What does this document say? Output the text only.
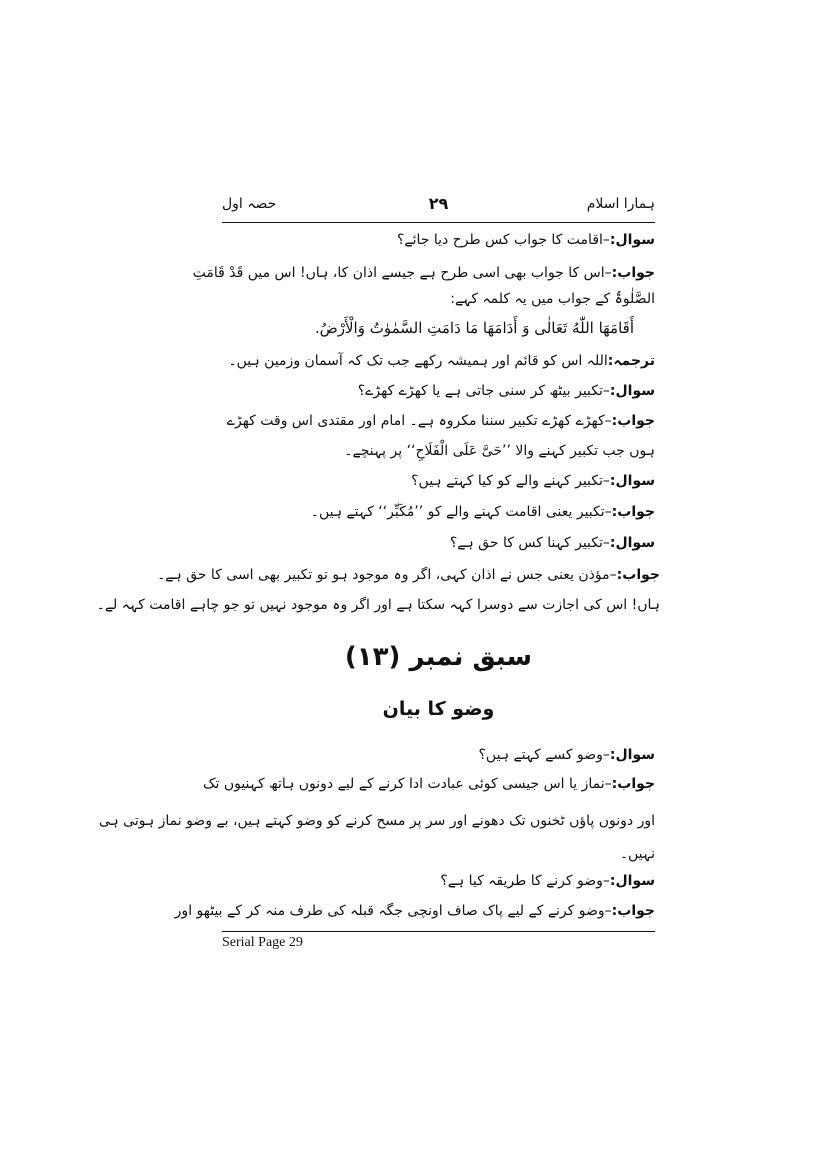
ہمارا اسلام
۲۹
حصہ اول
سوال:–اقامت کا جواب کس طرح دیا جائے؟
جواب:–اس کا جواب بھی اسی طرح ہے جیسے اذان کا، ہاں! اس میں قَدْ قَامَتِ
الصَّلٰوۃُ کے جواب میں یہ کلمہ کہے:
أَقَامَهَا اللّٰهُ تَعَالٰی وَ أَدَامَهَا مَا دَامَتِ السَّمٰوٰتُ وَالْأَرْضُ.
ترجمہ:اللہ اس کو قائم اور ہمیشہ رکھے جب تک کہ آسمان وزمین ہیں۔
سوال:–تکبیر بیٹھ کر سنی جاتی ہے یا کھڑے کھڑے؟
جواب:–کھڑے کھڑے تکبیر سننا مکروہ ہے۔ امام اور مقتدی اس وقت کھڑے
ہوں جب تکبیر کہنے والا ’’حَیَّ عَلَی الْفَلَاحِ‘‘ پر پہنچے۔
سوال:–تکبیر کہنے والے کو کیا کہتے ہیں؟
جواب:–تکبیر یعنی اقامت کہنے والے کو ’’مُکَبِّر‘‘ کہتے ہیں۔
سوال:–تکبیر کہنا کس کا حق ہے؟
جواب:–مؤذن یعنی جس نے اذان کہی، اگر وہ موجود ہو تو تکبیر بھی اسی کا حق ہے۔
ہاں! اس کی اجازت سے دوسرا کہہ سکتا ہے اور اگر وہ موجود نہیں تو جو چاہے اقامت کہہ لے۔
سبق نمبر (۱۳)
وضو کا بیان
سوال:–وضو کسے کہتے ہیں؟
جواب:–نماز یا اس جیسی کوئی عبادت ادا کرنے کے لیے دونوں ہاتھ کہنیوں تک
اور دونوں پاؤں ٹخنوں تک دھونے اور سر پر مسح کرنے کو وضو کہتے ہیں، بے وضو نماز ہوتی ہی
نہیں۔
سوال:–وضو کرنے کا طریقہ کیا ہے؟
جواب:–وضو کرنے کے لیے پاک صاف اونچی جگہ قبلہ کی طرف منہ کر کے بیٹھو اور
Serial Page 29
